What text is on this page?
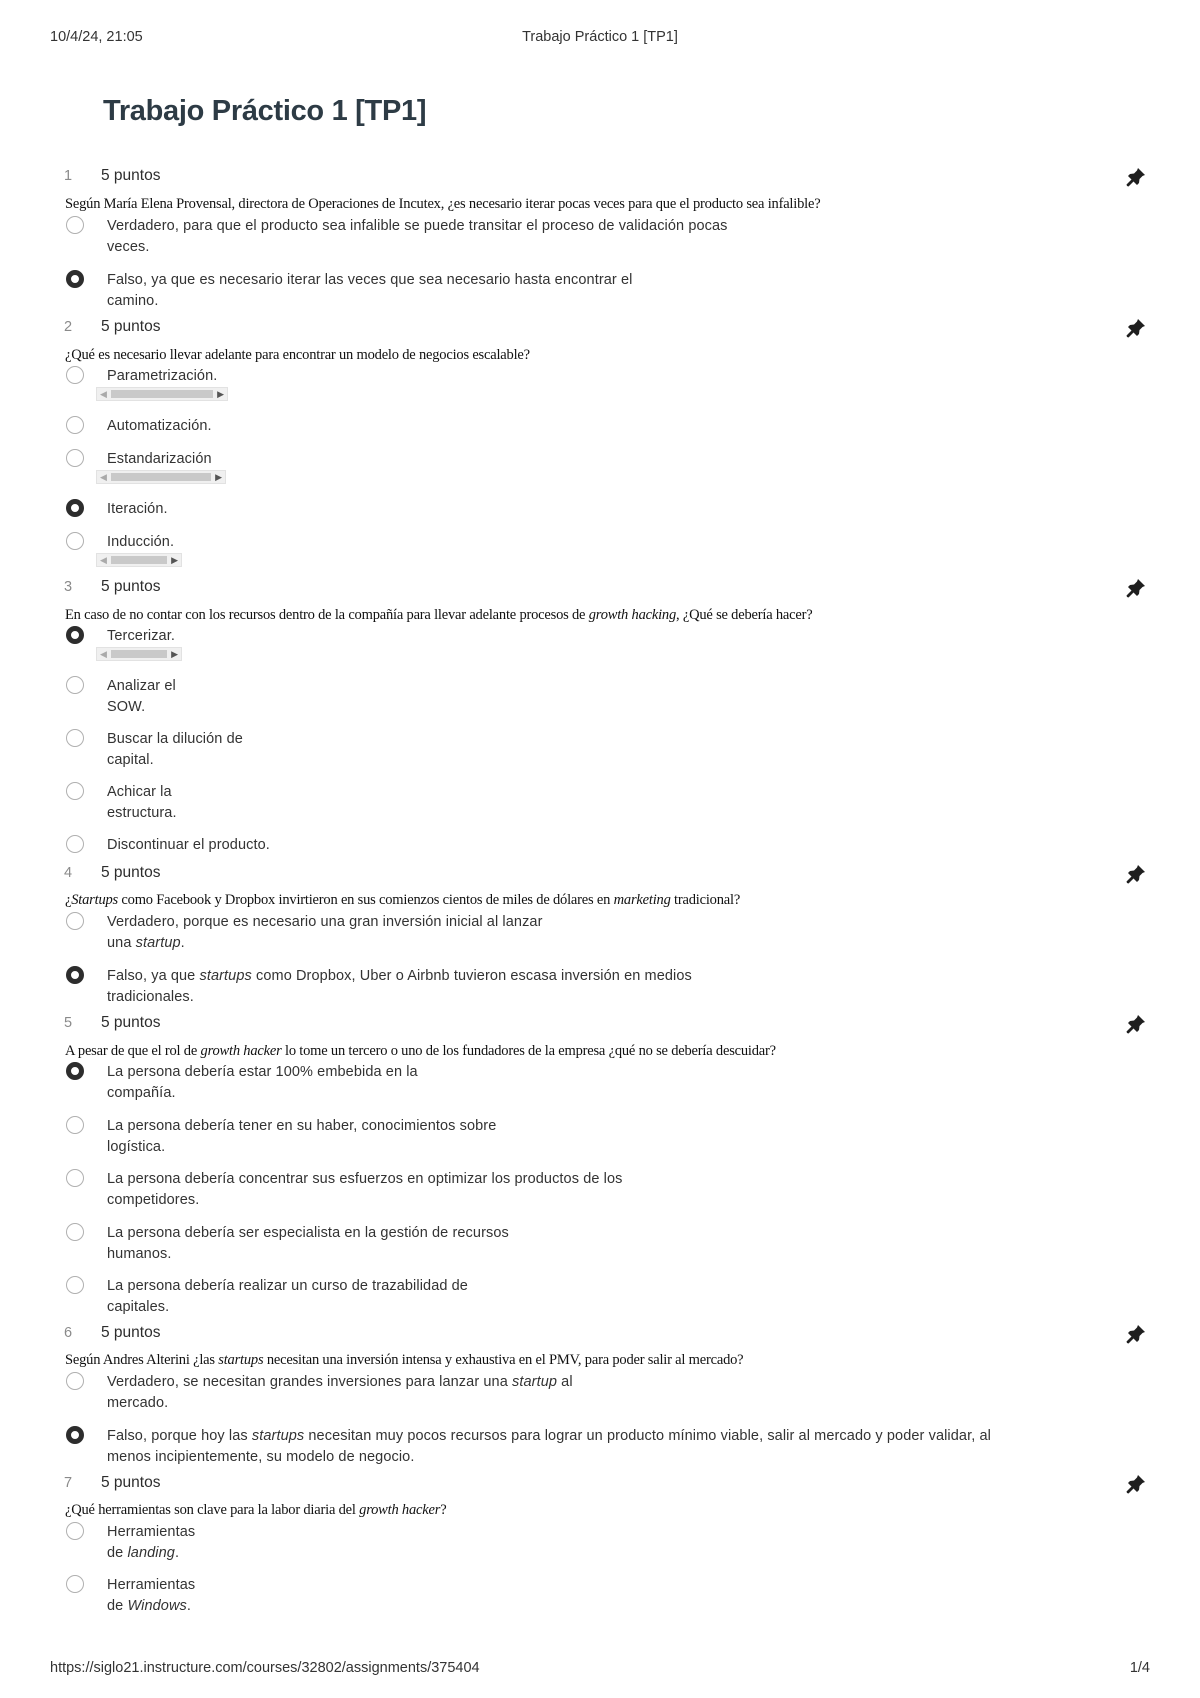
10/4/24, 21:05	Trabajo Práctico 1 [TP1]
Trabajo Práctico 1 [TP1]
1 5 puntos

Según María Elena Provensal, directora de Operaciones de Incutex, ¿es necesario iterar pocas veces para que el producto sea infalible?

Verdadero, para que el producto sea infalible se puede transitar el proceso de validación pocas
veces.
Falso, ya que es necesario iterar las veces que sea necesario hasta encontrar el
camino.
2 5 puntos

¿Qué es necesario llevar adelante para encontrar un modelo de negocios escalable?

Parametrización.
◀	▶
Automatización.
Estandarización
◀	▶
Iteración.
Inducción.
◀	▶
3 5 puntos

En caso de no contar con los recursos dentro de la compañía para llevar adelante procesos de growth hacking, ¿Qué se debería hacer?

Tercerizar.
◀	▶
Analizar el
SOW.
Buscar la dilución de
capital.
Achicar la
estructura.
Discontinuar el producto.
4 5 puntos

¿Startups como Facebook y Dropbox invirtieron en sus comienzos cientos de miles de dólares en marketing tradicional?

Verdadero, porque es necesario una gran inversión inicial al lanzar
una startup.
Falso, ya que startups como Dropbox, Uber o Airbnb tuvieron escasa inversión en medios
tradicionales.
5 5 puntos

A pesar de que el rol de growth hacker lo tome un tercero o uno de los fundadores de la empresa ¿qué no se debería descuidar?

La persona debería estar 100% embebida en la
compañía.
La persona debería tener en su haber, conocimientos sobre
logística.
La persona debería concentrar sus esfuerzos en optimizar los productos de los
competidores.
La persona debería ser especialista en la gestión de recursos
humanos.
La persona debería realizar un curso de trazabilidad de
capitales.
6 5 puntos

Según Andres Alterini ¿las startups necesitan una inversión intensa y exhaustiva en el PMV, para poder salir al mercado?

Verdadero, se necesitan grandes inversiones para lanzar una startup al
mercado.
Falso, porque hoy las startups necesitan muy pocos recursos para lograr un producto mínimo viable, salir al mercado y poder validar, al
menos incipientemente, su modelo de negocio.
7 5 puntos

¿Qué herramientas son clave para la labor diaria del growth hacker?

Herramientas
de landing.
Herramientas
de Windows.
https://siglo21.instructure.com/courses/32802/assignments/375404	1/4
